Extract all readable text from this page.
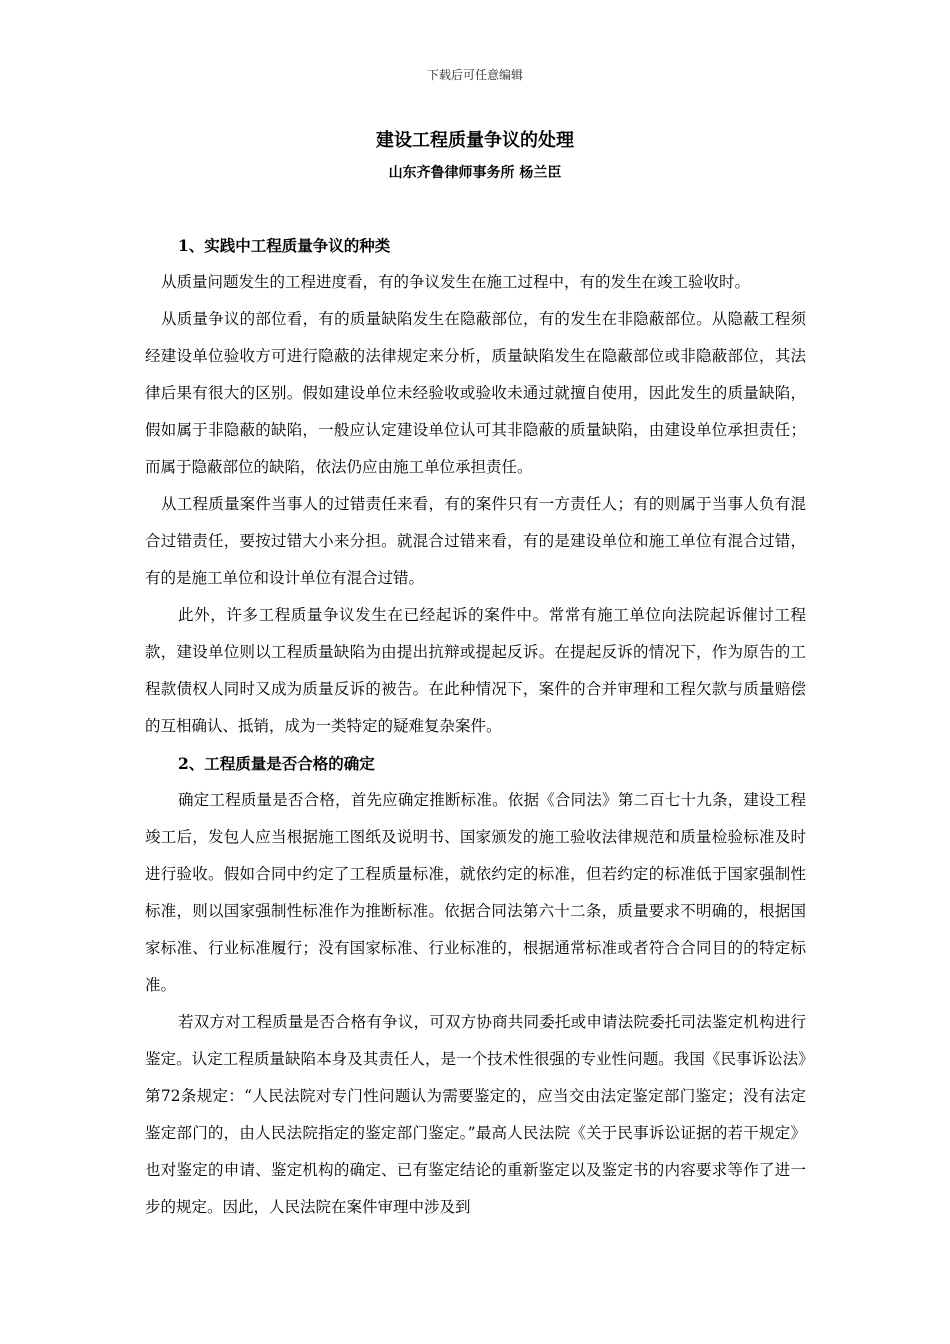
下载后可任意编辑
建设工程质量争议的处理
山东齐鲁律师事务所 杨兰臣

1、实践中工程质量争议的种类

从质量问题发生的工程进度看，有的争议发生在施工过程中，有的发生在竣工验收时。

从质量争议的部位看，有的质量缺陷发生在隐蔽部位，有的发生在非隐蔽部位。从隐蔽工程须经建设单位验收方可进行隐蔽的法律规定来分析，质量缺陷发生在隐蔽部位或非隐蔽部位，其法律后果有很大的区别。假如建设单位未经验收或验收未通过就擅自使用，因此发生的质量缺陷，假如属于非隐蔽的缺陷，一般应认定建设单位认可其非隐蔽的质量缺陷，由建设单位承担责任；而属于隐蔽部位的缺陷，依法仍应由施工单位承担责任。

从工程质量案件当事人的过错责任来看，有的案件只有一方责任人；有的则属于当事人负有混合过错责任，要按过错大小来分担。就混合过错来看，有的是建设单位和施工单位有混合过错，有的是施工单位和设计单位有混合过错。

此外，许多工程质量争议发生在已经起诉的案件中。常常有施工单位向法院起诉催讨工程款，建设单位则以工程质量缺陷为由提出抗辩或提起反诉。在提起反诉的情况下，作为原告的工程款债权人同时又成为质量反诉的被告。在此种情况下，案件的合并审理和工程欠款与质量赔偿的互相确认、抵销，成为一类特定的疑难复杂案件。

2、工程质量是否合格的确定

确定工程质量是否合格，首先应确定推断标准。依据《合同法》第二百七十九条，建设工程竣工后，发包人应当根据施工图纸及说明书、国家颁发的施工验收法律规范和质量检验标准及时进行验收。假如合同中约定了工程质量标准，就依约定的标准，但若约定的标准低于国家强制性标准，则以国家强制性标准作为推断标准。依据合同法第六十二条，质量要求不明确的，根据国家标准、行业标准履行；没有国家标准、行业标准的，根据通常标准或者符合合同目的的特定标准。

若双方对工程质量是否合格有争议，可双方协商共同委托或申请法院委托司法鉴定机构进行鉴定。认定工程质量缺陷本身及其责任人，是一个技术性很强的专业性问题。我国《民事诉讼法》第72条规定：“人民法院对专门性问题认为需要鉴定的，应当交由法定鉴定部门鉴定；没有法定鉴定部门的，由人民法院指定的鉴定部门鉴定。”最高人民法院《关于民事诉讼证据的若干规定》也对鉴定的申请、鉴定机构的确定、已有鉴定结论的重新鉴定以及鉴定书的内容要求等作了进一步的规定。因此，人民法院在案件审理中涉及到
